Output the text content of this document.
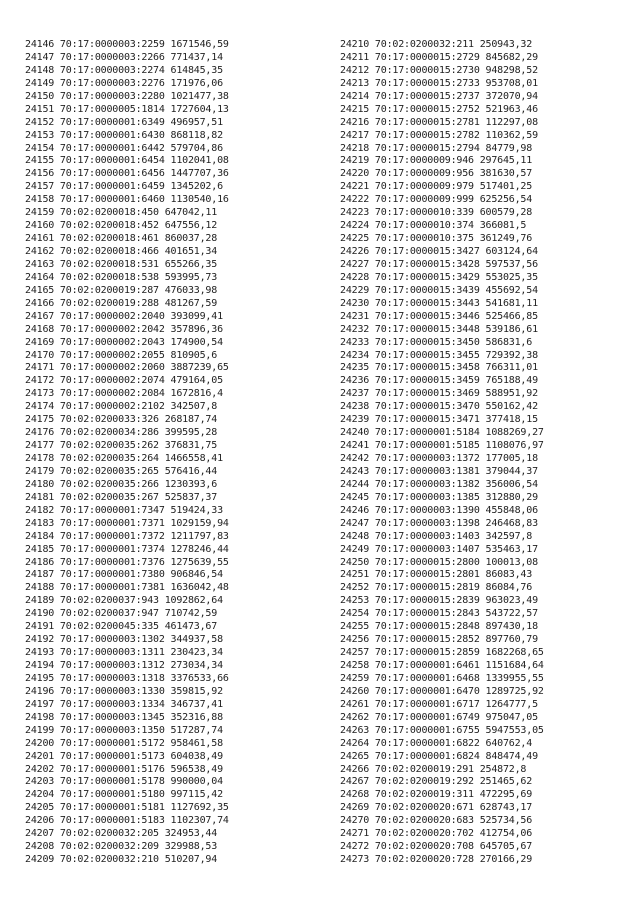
24146 70:17:0000003:2259 1671546,59
24147 70:17:0000003:2266 771437,14
24148 70:17:0000003:2274 614845,35
24149 70:17:0000003:2276 171976,06
24150 70:17:0000003:2280 1021477,38
24151 70:17:0000005:1814 1727604,13
24152 70:17:0000001:6349 496957,51
24153 70:17:0000001:6430 868118,82
24154 70:17:0000001:6442 579704,86
24155 70:17:0000001:6454 1102041,08
24156 70:17:0000001:6456 1447707,36
24157 70:17:0000001:6459 1345202,6
24158 70:17:0000001:6460 1130540,16
24159 70:02:0200018:450 647042,11
24160 70:02:0200018:452 647556,12
24161 70:02:0200018:461 860037,28
24162 70:02:0200018:466 401651,34
24163 70:02:0200018:531 655266,35
24164 70:02:0200018:538 593995,73
24165 70:02:0200019:287 476033,98
24166 70:02:0200019:288 481267,59
24167 70:17:0000002:2040 393099,41
24168 70:17:0000002:2042 357896,36
24169 70:17:0000002:2043 174900,54
24170 70:17:0000002:2055 810905,6
24171 70:17:0000002:2060 3887239,65
24172 70:17:0000002:2074 479164,05
24173 70:17:0000002:2084 1672816,4
24174 70:17:0000002:2102 342507,8
24175 70:02:0200033:326 268187,74
24176 70:02:0200034:286 399595,28
24177 70:02:0200035:262 376831,75
24178 70:02:0200035:264 1466558,41
24179 70:02:0200035:265 576416,44
24180 70:02:0200035:266 1230393,6
24181 70:02:0200035:267 525837,37
24182 70:17:0000001:7347 519424,33
24183 70:17:0000001:7371 1029159,94
24184 70:17:0000001:7372 1211797,83
24185 70:17:0000001:7374 1278246,44
24186 70:17:0000001:7376 1275639,55
24187 70:17:0000001:7380 906846,54
24188 70:17:0000001:7381 1636042,48
24189 70:02:0200037:943 1092862,64
24190 70:02:0200037:947 710742,59
24191 70:02:0200045:335 461473,67
24192 70:17:0000003:1302 344937,58
24193 70:17:0000003:1311 230423,34
24194 70:17:0000003:1312 273034,34
24195 70:17:0000003:1318 3376533,66
24196 70:17:0000003:1330 359815,92
24197 70:17:0000003:1334 346737,41
24198 70:17:0000003:1345 352316,88
24199 70:17:0000003:1350 517287,74
24200 70:17:0000001:5172 958461,58
24201 70:17:0000001:5173 604038,49
24202 70:17:0000001:5176 596538,49
24203 70:17:0000001:5178 990000,04
24204 70:17:0000001:5180 997115,42
24205 70:17:0000001:5181 1127692,35
24206 70:17:0000001:5183 1102307,74
24207 70:02:0200032:205 324953,44
24208 70:02:0200032:209 329988,53
24209 70:02:0200032:210 510207,94
24210 70:02:0200032:211 250943,32
24211 70:17:0000015:2729 845682,29
24212 70:17:0000015:2730 948298,52
24213 70:17:0000015:2733 953708,01
24214 70:17:0000015:2737 372070,94
24215 70:17:0000015:2752 521963,46
24216 70:17:0000015:2781 112297,08
24217 70:17:0000015:2782 110362,59
24218 70:17:0000015:2794 84779,98
24219 70:17:0000009:946 297645,11
24220 70:17:0000009:956 381630,57
24221 70:17:0000009:979 517401,25
24222 70:17:0000009:999 625256,54
24223 70:17:0000010:339 600579,28
24224 70:17:0000010:374 366081,5
24225 70:17:0000010:375 361249,76
24226 70:17:0000015:3427 603124,64
24227 70:17:0000015:3428 597537,56
24228 70:17:0000015:3429 553025,35
24229 70:17:0000015:3439 455692,54
24230 70:17:0000015:3443 541681,11
24231 70:17:0000015:3446 525466,85
24232 70:17:0000015:3448 539186,61
24233 70:17:0000015:3450 586831,6
24234 70:17:0000015:3455 729392,38
24235 70:17:0000015:3458 766311,01
24236 70:17:0000015:3459 765188,49
24237 70:17:0000015:3469 588951,92
24238 70:17:0000015:3470 550162,42
24239 70:17:0000015:3471 377418,15
24240 70:17:0000001:5184 1088269,27
24241 70:17:0000001:5185 1108076,97
24242 70:17:0000003:1372 177005,18
24243 70:17:0000003:1381 379044,37
24244 70:17:0000003:1382 356006,54
24245 70:17:0000003:1385 312880,29
24246 70:17:0000003:1390 455848,06
24247 70:17:0000003:1398 246468,83
24248 70:17:0000003:1403 342597,8
24249 70:17:0000003:1407 535463,17
24250 70:17:0000015:2800 100013,08
24251 70:17:0000015:2801 86083,43
24252 70:17:0000015:2819 86084,76
24253 70:17:0000015:2839 963023,49
24254 70:17:0000015:2843 543722,57
24255 70:17:0000015:2848 897430,18
24256 70:17:0000015:2852 897760,79
24257 70:17:0000015:2859 1682268,65
24258 70:17:0000001:6461 1151684,64
24259 70:17:0000001:6468 1339955,55
24260 70:17:0000001:6470 1289725,92
24261 70:17:0000001:6717 1264777,5
24262 70:17:0000001:6749 975047,05
24263 70:17:0000001:6755 5947553,05
24264 70:17:0000001:6822 640762,4
24265 70:17:0000001:6824 848474,49
24266 70:02:0200019:291 254872,8
24267 70:02:0200019:292 251465,62
24268 70:02:0200019:311 472295,69
24269 70:02:0200020:671 628743,17
24270 70:02:0200020:683 525734,56
24271 70:02:0200020:702 412754,06
24272 70:02:0200020:708 645705,67
24273 70:02:0200020:728 270166,29
